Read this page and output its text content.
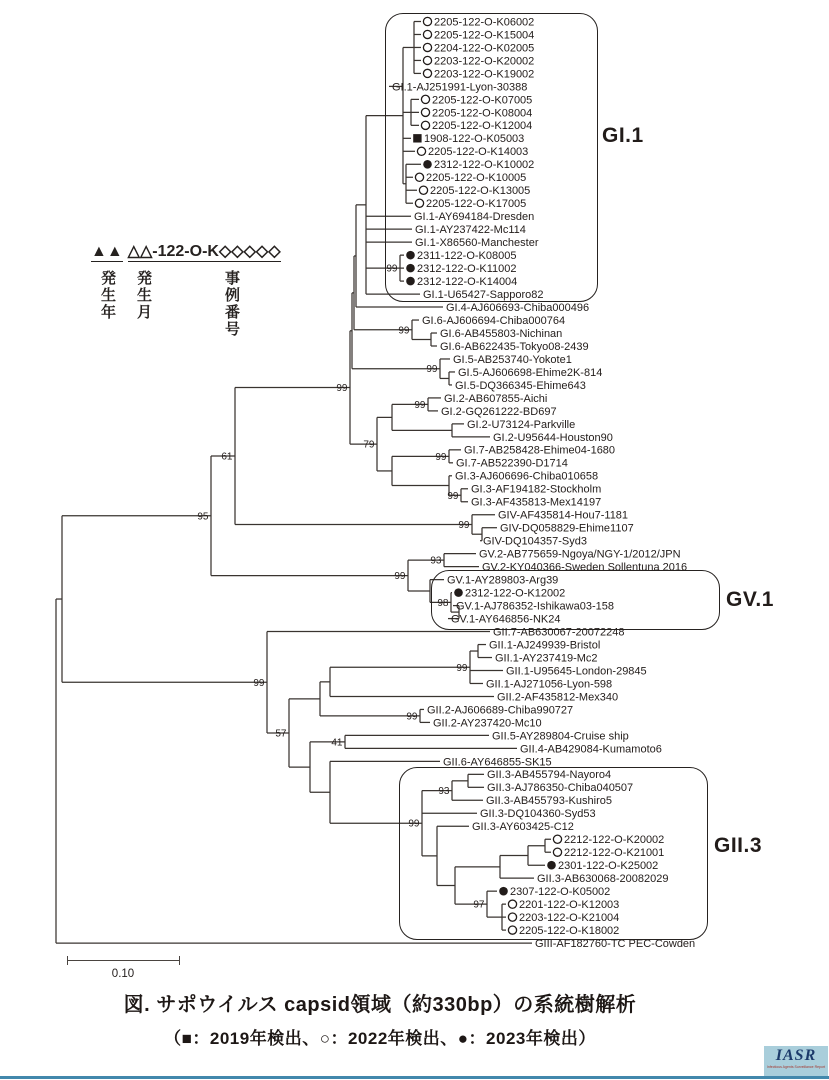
2205-122-O-K06002
2205-122-O-K15004
2204-122-O-K02005
2203-122-O-K20002
2203-122-O-K19002
GI.1-AJ251991-Lyon-30388
2205-122-O-K07005
2205-122-O-K08004
2205-122-O-K12004
1908-122-O-K05003
2205-122-O-K14003
2312-122-O-K10002
2205-122-O-K10005
2205-122-O-K13005
2205-122-O-K17005
GI.1-AY694184-Dresden
GI.1-AY237422-Mc114
GI.1-X86560-Manchester
2311-122-O-K08005
2312-122-O-K11002
2312-122-O-K14004
99
GI.1-U65427-Sapporo82
GI.4-AJ606693-Chiba000496
GI.6-AJ606694-Chiba000764
GI.6-AB455803-Nichinan
GI.6-AB622435-Tokyo08-2439
99
GI.5-AB253740-Yokote1
GI.5-AJ606698-Ehime2K-814
GI.5-DQ366345-Ehime643
99
GI.2-AB607855-Aichi
GI.2-GQ261222-BD697
99
GI.2-U73124-Parkville
GI.2-U95644-Houston90
GI.7-AB258428-Ehime04-1680
GI.7-AB522390-D1714
99
GI.3-AJ606696-Chiba010658
GI.3-AF194182-Stockholm
GI.3-AF435813-Mex14197
99
79
99
GIV-AF435814-Hou7-1181
GIV-DQ058829-Ehime1107
GIV-DQ104357-Syd3
99
61
GV.2-AB775659-Ngoya/NGY-1/2012/JPN
GV.2-KY040366-Sweden Sollentuna 2016
93
GV.1-AY289803-Arg39
2312-122-O-K12002
GV.1-AJ786352-Ishikawa03-158
GV.1-AY646856-NK24
98
99
95
GII.7-AB630067-20072248
GII.1-AJ249939-Bristol
GII.1-AY237419-Mc2
GII.1-U95645-London-29845
GII.1-AJ271056-Lyon-598
99
GII.2-AF435812-Mex340
GII.2-AJ606689-Chiba990727
GII.2-AY237420-Mc10
99
GII.5-AY289804-Cruise ship
GII.4-AB429084-Kumamoto6
41
GII.6-AY646855-SK15
GII.3-AB455794-Nayoro4
GII.3-AJ786350-Chiba040507
GII.3-AB455793-Kushiro5
93
GII.3-DQ104360-Syd53
GII.3-AY603425-C12
2212-122-O-K20002
2212-122-O-K21001
2301-122-O-K25002
GII.3-AB630068-20082029
2307-122-O-K05002
2201-122-O-K12003
2203-122-O-K21004
2205-122-O-K18002
97
99
57
99
GIII-AF182760-TC PEC-Cowden
GI.1
GV.1
GII.3
▲▲ △△-122-O-K◇◇◇◇◇
発生年 発生月	事例番号
0.10
図. サポウイルス capsid領域（約330bp）の系統樹解析
（■：2019年検出、○：2022年検出、●：2023年検出）
IASR
Infectious Agents Surveillance Report
